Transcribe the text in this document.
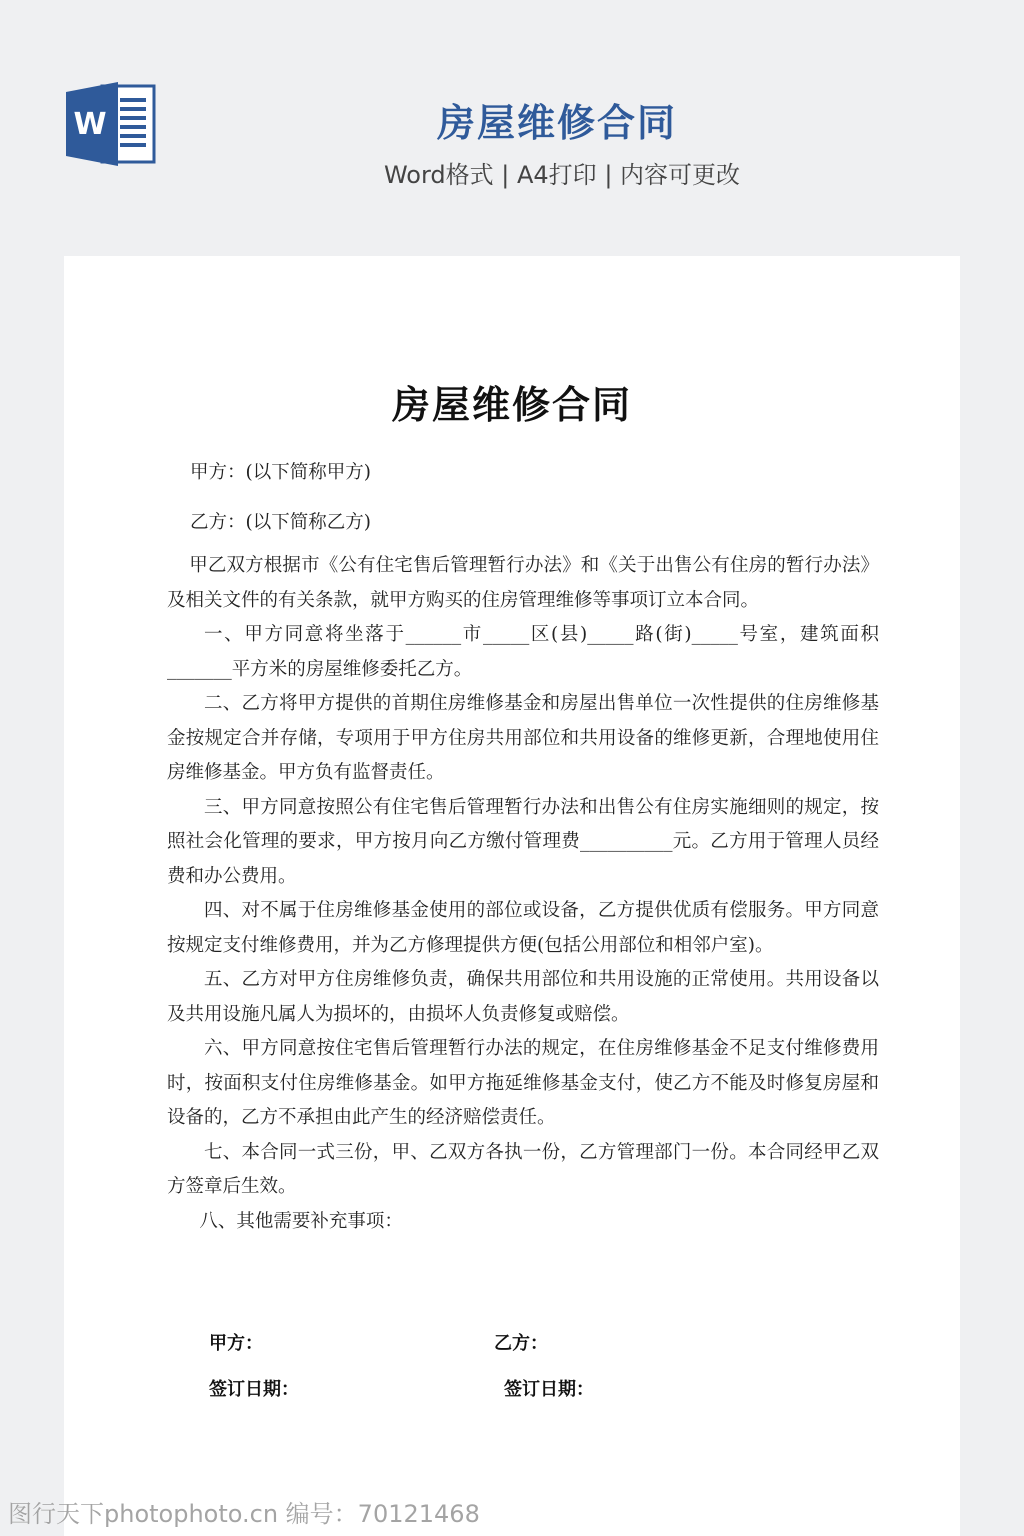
W	房屋维修合同
Word格式 | A4打印 | 内容可更改
房屋维修合同
甲方：(以下简称甲方)
乙方：(以下简称乙方)

甲乙双方根据市《公有住宅售后管理暂行办法》和《关于出售公有住房的暂行办法》及相关文件的有关条款，就甲方购买的住房管理维修等事项订立本合同。

一、甲方同意将坐落于______市_____区(县)_____路(街)_____号室，建筑面积_______平方米的房屋维修委托乙方。

二、乙方将甲方提供的首期住房维修基金和房屋出售单位一次性提供的住房维修基金按规定合并存储，专项用于甲方住房共用部位和共用设备的维修更新，合理地使用住房维修基金。甲方负有监督责任。

三、甲方同意按照公有住宅售后管理暂行办法和出售公有住房实施细则的规定，按照社会化管理的要求，甲方按月向乙方缴付管理费__________元。乙方用于管理人员经费和办公费用。

四、对不属于住房维修基金使用的部位或设备，乙方提供优质有偿服务。甲方同意按规定支付维修费用，并为乙方修理提供方便(包括公用部位和相邻户室)。

五、乙方对甲方住房维修负责，确保共用部位和共用设施的正常使用。共用设备以及共用设施凡属人为损坏的，由损坏人负责修复或赔偿。

六、甲方同意按住宅售后管理暂行办法的规定，在住房维修基金不足支付维修费用时，按面积支付住房维修基金。如甲方拖延维修基金支付，使乙方不能及时修复房屋和设备的，乙方不承担由此产生的经济赔偿责任。

七、本合同一式三份，甲、乙双方各执一份，乙方管理部门一份。本合同经甲乙双方签章后生效。

八、其他需要补充事项：

甲方：	乙方：
签订日期：	签订日期：
图行天下photophoto.cn 编号：70121468
